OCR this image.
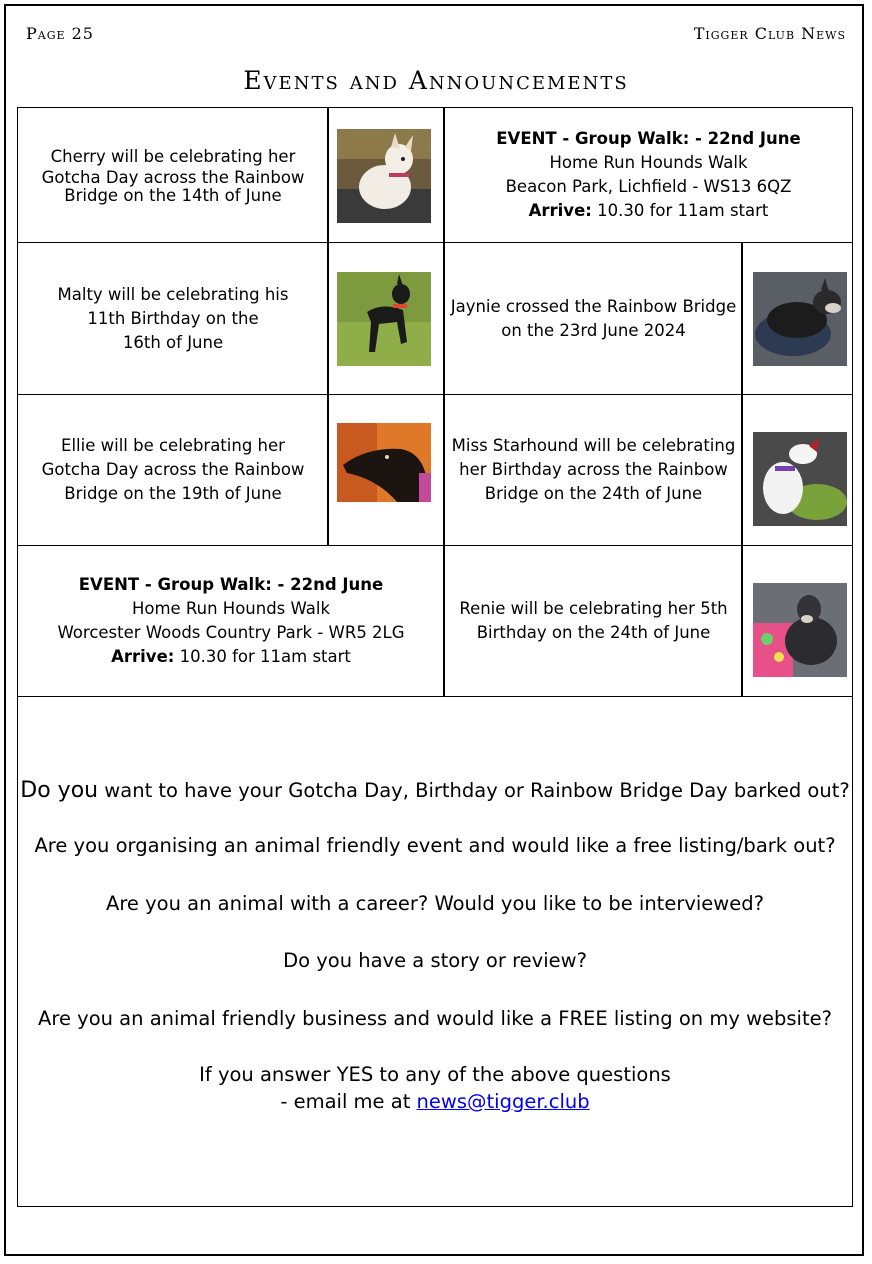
Page 25	Tigger Club News
Events and Announcements
Cherry will be celebrating her
Gotcha Day across the Rainbow
Bridge on the 14th of June
EVENT - Group Walk: - 22nd June
Home Run Hounds Walk
Beacon Park, Lichfield - WS13 6QZ
Arrive: 10.30 for 11am start
Malty will be celebrating his
11th Birthday on the
16th of June
Jaynie crossed the Rainbow Bridge
on the 23rd June 2024
Ellie will be celebrating her
Gotcha Day across the Rainbow
Bridge on the 19th of June
Miss Starhound will be celebrating
her Birthday across the Rainbow
Bridge on the 24th of June
EVENT - Group Walk: - 22nd June
Home Run Hounds Walk
Worcester Woods Country Park - WR5 2LG
Arrive: 10.30 for 11am start
Renie will be celebrating her 5th
Birthday on the 24th of June

Do you want to have your Gotcha Day, Birthday or Rainbow Bridge Day barked out?

Are you organising an animal friendly event and would like a free listing/bark out?

Are you an animal with a career? Would you like to be interviewed?

Do you have a story or review?

Are you an animal friendly business and would like a FREE listing on my website?

If you answer YES to any of the above questions

- email me at news@tigger.club
